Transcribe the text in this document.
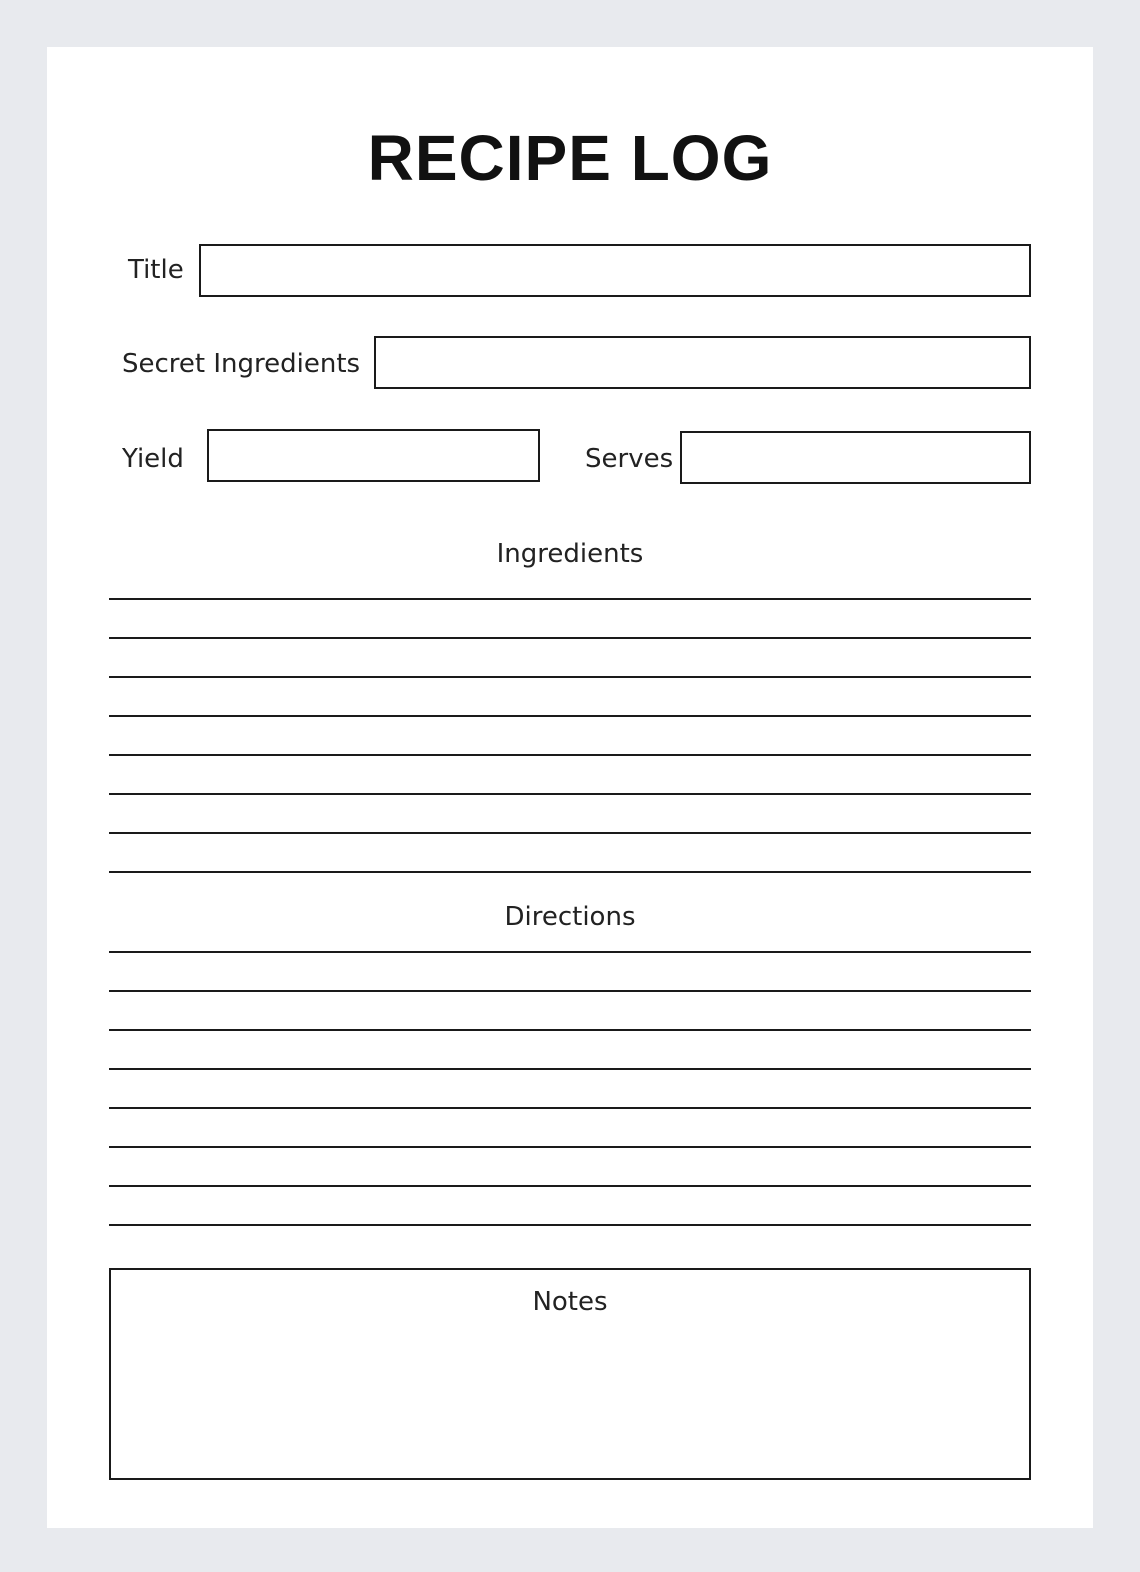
RECIPE LOG
Title
Secret Ingredients
Yield	Serves
Ingredients
Directions
Notes
